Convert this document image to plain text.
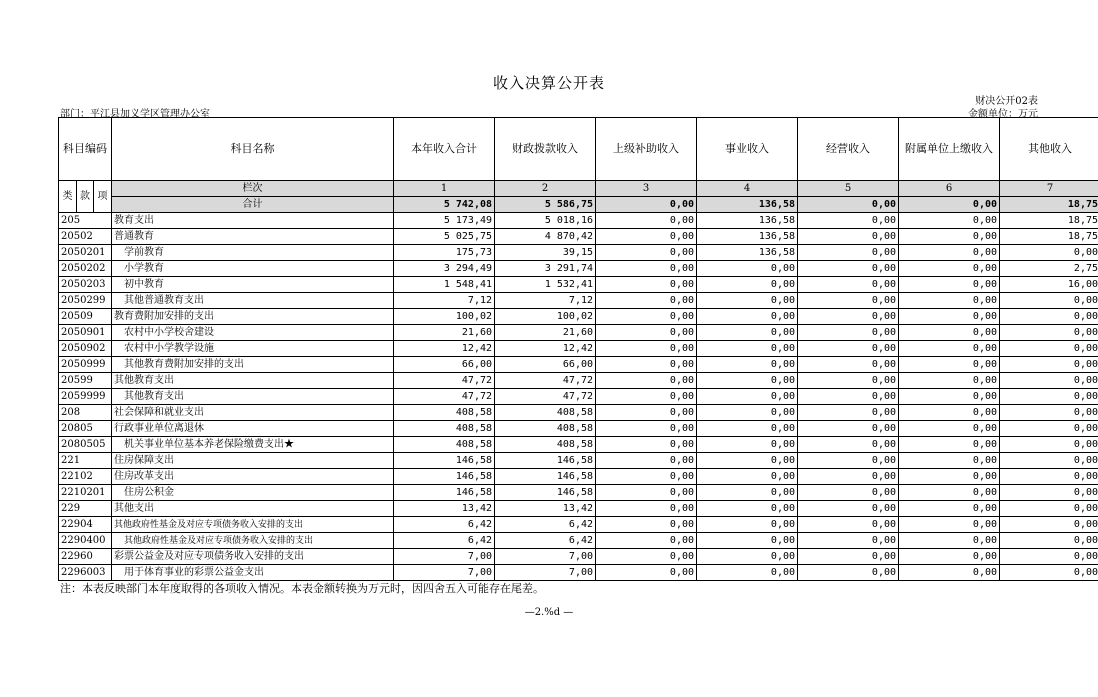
收入决算公开表
财决公开02表
部门：平江县加义学区管理办公室	金额单位：万元
科目编码			科目名称	本年收入合计	财政拨款收入	上级补助收入	事业收入	经营收入	附属单位上缴收入	其他收入
类	款	项	栏次	1	2	3	4	5	6	7
			合计	5 742,08	5 586,75	0,00	136,58	0,00	0,00	18,75
205			教育支出	5 173,49	5 018,16	0,00	136,58	0,00	0,00	18,75
20502			普通教育	5 025,75	4 870,42	0,00	136,58	0,00	0,00	18,75
2050201			学前教育	175,73	39,15	0,00	136,58	0,00	0,00	0,00
2050202			小学教育	3 294,49	3 291,74	0,00	0,00	0,00	0,00	2,75
2050203			初中教育	1 548,41	1 532,41	0,00	0,00	0,00	0,00	16,00
2050299			其他普通教育支出	7,12	7,12	0,00	0,00	0,00	0,00	0,00
20509			教育费附加安排的支出	100,02	100,02	0,00	0,00	0,00	0,00	0,00
2050901			农村中小学校舍建设	21,60	21,60	0,00	0,00	0,00	0,00	0,00
2050902			农村中小学教学设施	12,42	12,42	0,00	0,00	0,00	0,00	0,00
2050999			其他教育费附加安排的支出	66,00	66,00	0,00	0,00	0,00	0,00	0,00
20599			其他教育支出	47,72	47,72	0,00	0,00	0,00	0,00	0,00
2059999			其他教育支出	47,72	47,72	0,00	0,00	0,00	0,00	0,00
208			社会保障和就业支出	408,58	408,58	0,00	0,00	0,00	0,00	0,00
20805			行政事业单位离退休	408,58	408,58	0,00	0,00	0,00	0,00	0,00
2080505			机关事业单位基本养老保险缴费支出★	408,58	408,58	0,00	0,00	0,00	0,00	0,00
221			住房保障支出	146,58	146,58	0,00	0,00	0,00	0,00	0,00
22102			住房改革支出	146,58	146,58	0,00	0,00	0,00	0,00	0,00
2210201			住房公积金	146,58	146,58	0,00	0,00	0,00	0,00	0,00
229			其他支出	13,42	13,42	0,00	0,00	0,00	0,00	0,00
22904			其他政府性基金及对应专项债务收入安排的支出	6,42	6,42	0,00	0,00	0,00	0,00	0,00
2290400			其他政府性基金及对应专项债务收入安排的支出	6,42	6,42	0,00	0,00	0,00	0,00	0,00
22960			彩票公益金及对应专项债务收入安排的支出	7,00	7,00	0,00	0,00	0,00	0,00	0,00
2296003			用于体育事业的彩票公益金支出	7,00	7,00	0,00	0,00	0,00	0,00	0,00
注：本表反映部门本年度取得的各项收入情况。本表金额转换为万元时，因四舍五入可能存在尾差。
—2.%d —
